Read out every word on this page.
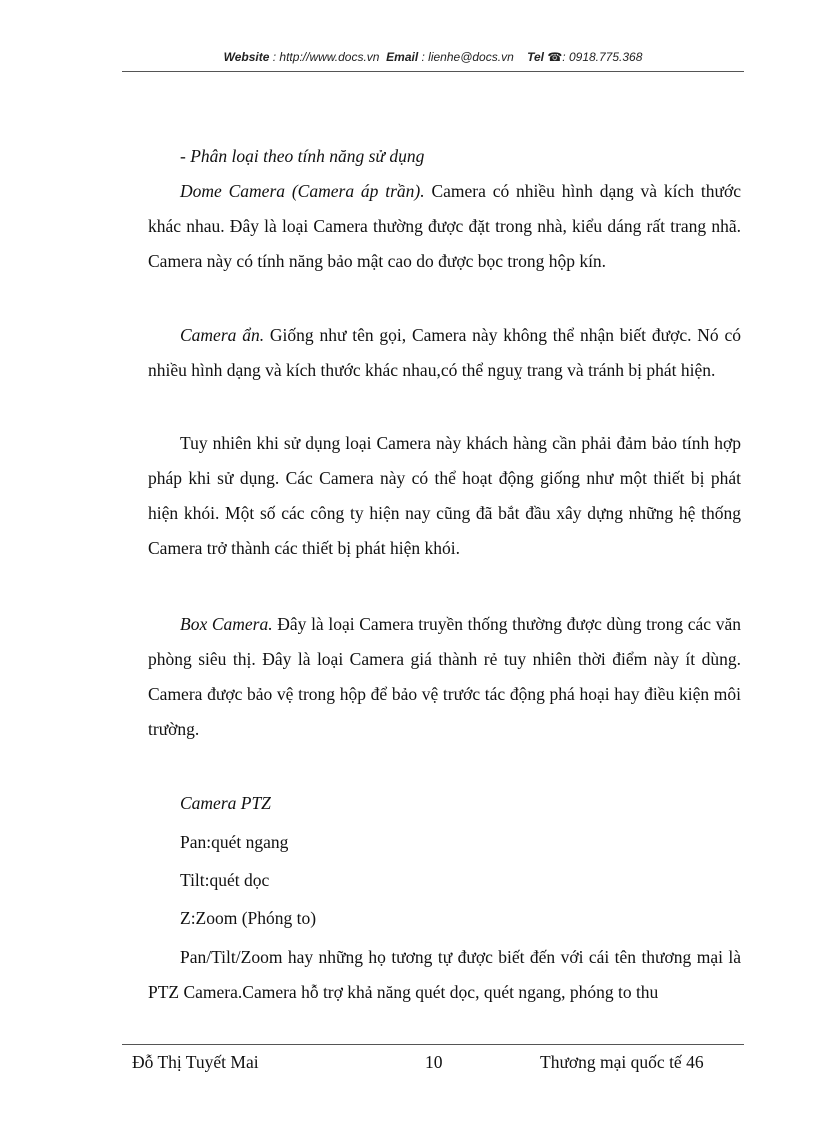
Website : http://www.docs.vn Email : lienhe@docs.vn Tel ☎: 0918.775.368

- Phân loại theo tính năng sử dụng

Dome Camera (Camera áp trần). Camera có nhiều hình dạng và kích thước khác nhau. Đây là loại Camera thường được đặt trong nhà, kiểu dáng rất trang nhã. Camera này có tính năng bảo mật cao do được bọc trong hộp kín.

Camera ẩn. Giống như tên gọi, Camera này không thể nhận biết được. Nó có nhiều hình dạng và kích thước khác nhau,có thể nguỵ trang và tránh bị phát hiện.

Tuy nhiên khi sử dụng loại Camera này khách hàng cần phải đảm bảo tính hợp pháp khi sử dụng. Các Camera này có thể hoạt động giống như một thiết bị phát hiện khói. Một số các công ty hiện nay cũng đã bắt đầu xây dựng những hệ thống Camera trở thành các thiết bị phát hiện khói.

Box Camera. Đây là loại Camera truyền thống thường được dùng trong các văn phòng siêu thị. Đây là loại Camera giá thành rẻ tuy nhiên thời điểm này ít dùng. Camera được bảo vệ trong hộp để bảo vệ trước tác động phá hoại hay điều kiện môi trường.

Camera PTZ

Pan:quét ngang

Tilt:quét dọc

Z:Zoom (Phóng to)

Pan/Tilt/Zoom hay những họ tương tự được biết đến với cái tên thương mại là PTZ Camera.Camera hỗ trợ khả năng quét dọc, quét ngang, phóng to thu

Đỗ Thị Tuyết Mai	10	Thương mại quốc tế 46
